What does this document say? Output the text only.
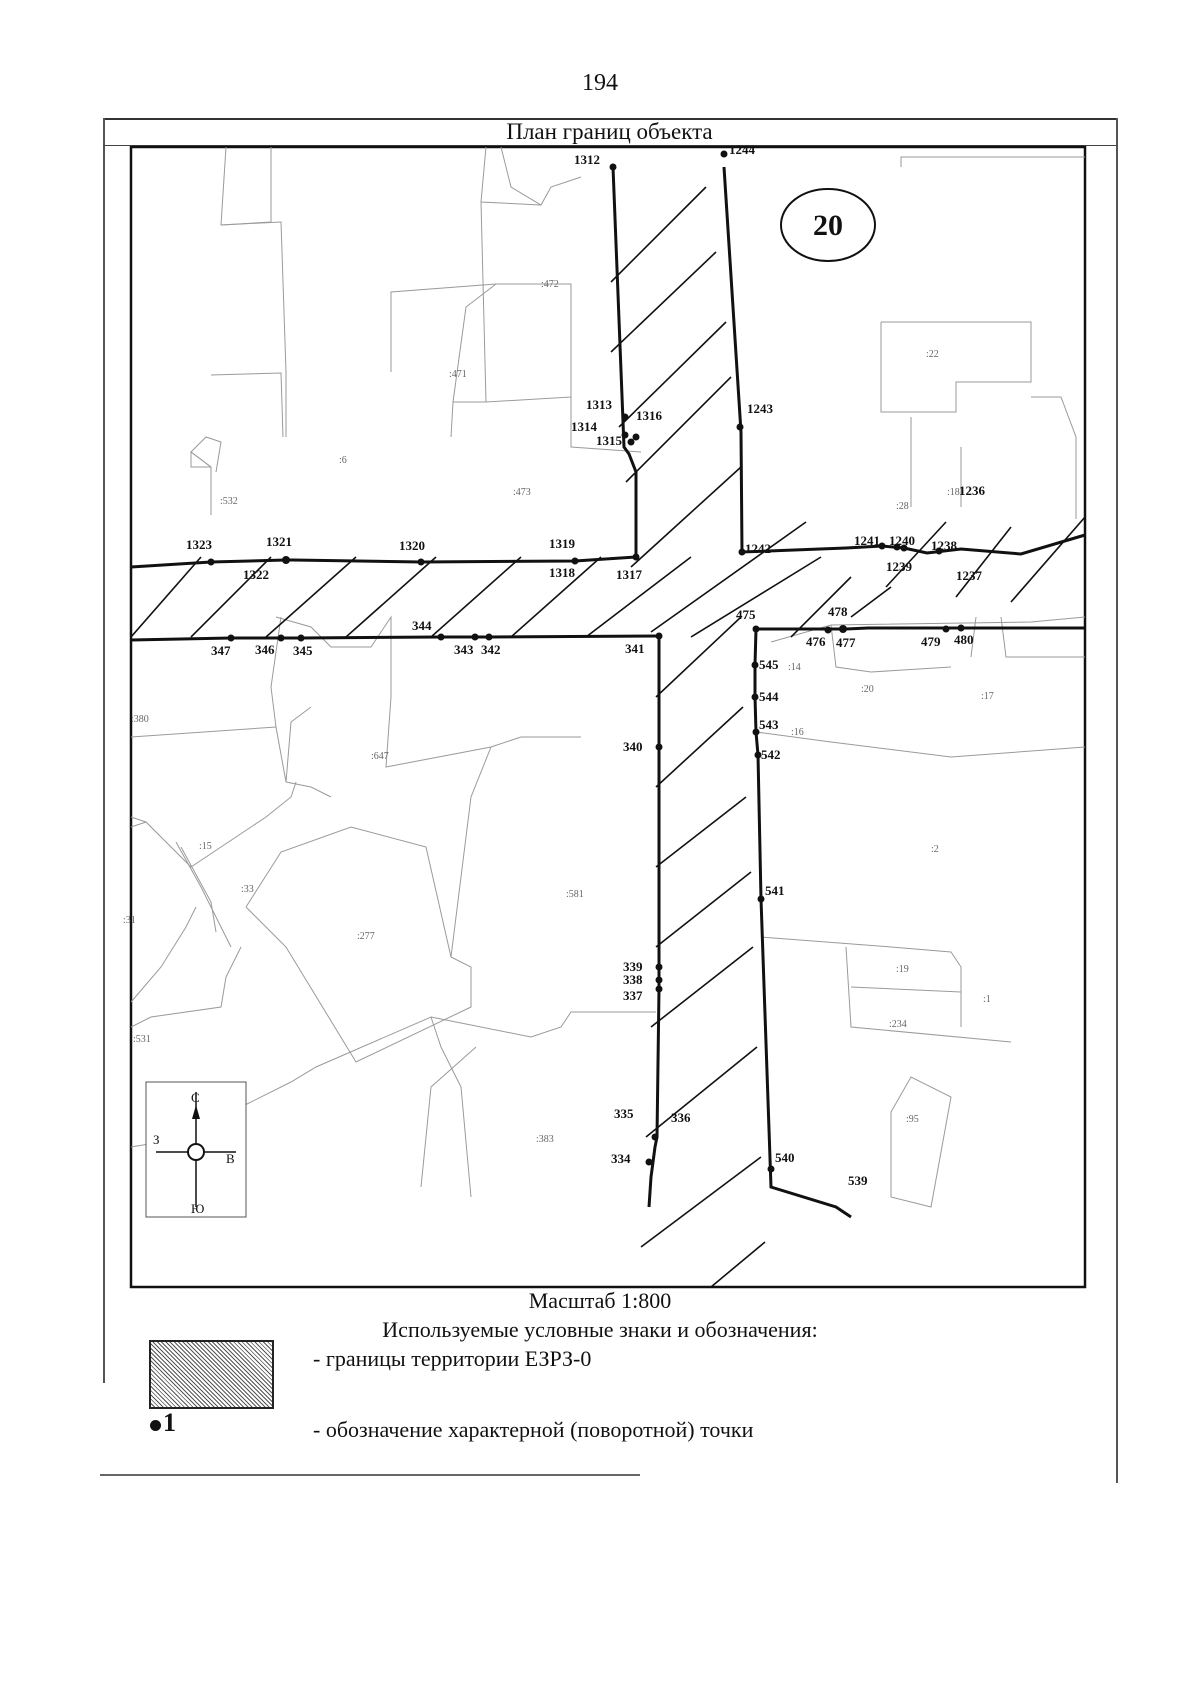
194
План границ объекта
1312
1244
1313
1314
1316
1315
1243
1323	1321
1322
1320	1319
1318	1317
1242
1241 1240
1239
1238
1236
1237
475	478
476 477	479 480
347 346 345
344
343 342	341
545
544
543
542
340
541
339
338
337
335	336
334	540
539
:472
:471
:6
:532
:473
:22
:28
:18
:380
:647
:14
:20
:17
:16
:15
:33	:581
:2
:277
:19
:1
:234
:531
:383
:95
:31
20
С
Ю
З
В
Масштаб 1:800
Используемые условные знаки и обозначения:
- границы территории ЕЗРЗ-0
1	- обозначение характерной (поворотной) точки
